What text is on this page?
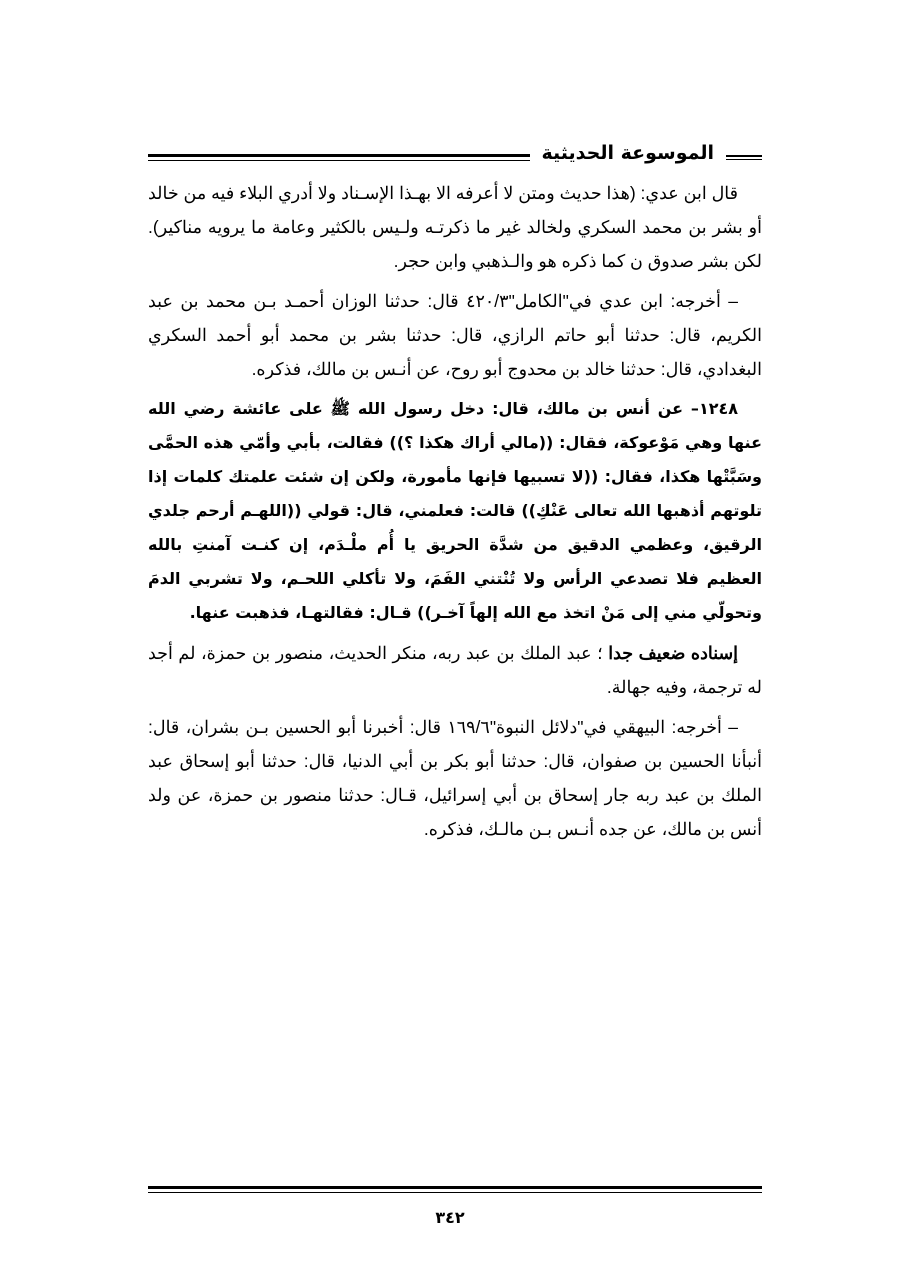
الموسوعة الحديثية

قال ابن عدي: (هذا حديث ومتن لا أعرفه الا بهـذا الإسـناد ولا أدري البلاء فيه من خالد أو بشر بن محمد السكري ولخالد غير ما ذكرتـه ولـيس بالكثير وعامة ما يرويه مناكير). لكن بشر صدوق ن كما ذكره هو والـذهبي وابن حجر.

– أخرجه: ابن عدي في"الكامل"٤٢٠/٣ قال: حدثنا الوزان أحمـد بـن محمد بن عبد الكريم، قال: حدثنا أبو حاتم الرازي، قال: حدثنا بشر بن محمد أبو أحمد السكري البغدادي، قال: حدثنا خالد بن محدوج أبو روح، عن أنـس بن مالك، فذكره.

١٢٤٨– عن أنس بن مالك، قال: دخل رسول الله ﷺ على عائشة رضي الله عنها وهي مَوْعوكة، فقال: ((مالي أراك هكذا ؟)) فقالت، بأبي وأمّي هذه الحمَّى وسَبَّتْها هكذا، فقال: ((لا تسبيها فإنها مأمورة، ولكن إن شئت علمتك كلمات إذا تلوتهم أذهبها الله تعالى عَنْكِ)) قالت: فعلمني، قال: قولي ((اللهـم أرحم جلدي الرقيق، وعظمي الدقيق من شدَّة الحريق يا أُم ملْـدَم، إن كنـت آمنتِ بالله العظيم فلا تصدعي الرأس ولا تُنْتني الفَمَ، ولا تأكلي اللحـم، ولا تشربي الدمَ وتحولّي مني إلى مَنْ اتخذ مع الله إلهاً آخـر)) قـال: فقالتهـا، فذهبت عنها.

إسناده ضعيف جدا ؛ عبد الملك بن عبد ربه، منكر الحديث، منصور بن حمزة، لم أجد له ترجمة، وفيه جهالة.

– أخرجه: البيهقي في"دلائل النبوة"١٦٩/٦ قال: أخبرنا أبو الحسين بـن بشران، قال: أنبأنا الحسين بن صفوان، قال: حدثنا أبو بكر بن أبي الدنيا، قال: حدثنا أبو إسحاق عبد الملك بن عبد ربه جار إسحاق بن أبي إسرائيل، قـال: حدثنا منصور بن حمزة، عن ولد أنس بن مالك، عن جده أنـس بـن مالـك، فذكره.

٣٤٢
